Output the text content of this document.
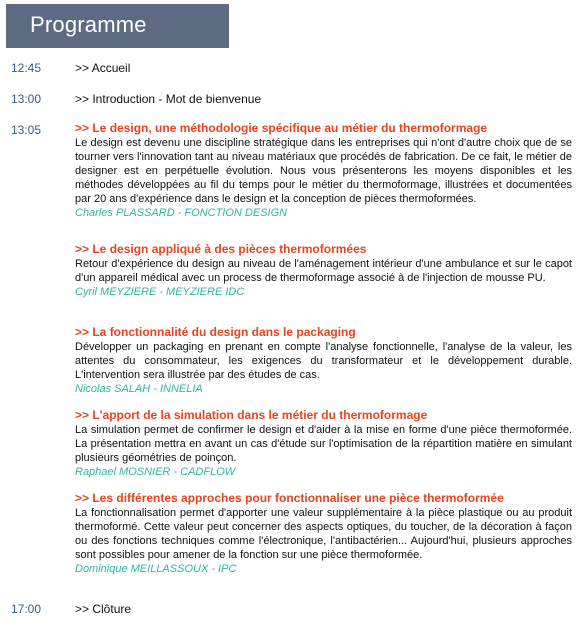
Programme
12:45	>> Accueil
13:00	>> Introduction - Mot de bienvenue
13:05	>> Le design, une méthodologie spécifique au métier du thermoformage

Le design est devenu une discipline stratégique dans les entreprises qui n'ont d'autre choix que de se tourner vers l'innovation tant au niveau matériaux que procédés de fabrication. De ce fait, le métier de designer est en perpétuelle évolution. Nous vous présenterons les moyens disponibles et les méthodes développées au fil du temps pour le métier du thermoformage, illustrées et documentées par 20 ans d'expérience dans le design et la conception de pièces thermoformées.

Charles PLASSARD - FONCTION DESIGN
>> Le design appliqué à des pièces thermoformées

Retour d'expérience du design au niveau de l'aménagement intérieur d'une ambulance et sur le capot d'un appareil médical avec un process de thermoformage associé à de l'injection de mousse PU.

Cyril MEYZIERE - MEYZIERE IDC
>> La fonctionnalité du design dans le packaging

Développer un packaging en prenant en compte l'analyse fonctionnelle, l'analyse de la valeur, les attentes du consommateur, les exigences du transformateur et le développement durable. L'intervention sera illustrée par des études de cas.

Nicolas SALAH - INNELIA
>> L'apport de la simulation dans le métier du thermoformage

La simulation permet de confirmer le design et d'aider à la mise en forme d'une pièce thermoformée. La présentation mettra en avant un cas d'étude sur l'optimisation de la répartition matière en simulant plusieurs géométries de poinçon.

Raphael MOSNIER - CADFLOW
>> Les différentes approches pour fonctionnaliser une pièce thermoformée

La fonctionnalisation permet d'apporter une valeur supplémentaire à la pièce plastique ou au produit thermoformé. Cette valeur peut concerner des aspects optiques, du toucher, de la décoration à façon ou des fonctions techniques comme l'électronique, l'antibactérien... Aujourd'hui, plusieurs approches sont possibles pour amener de la fonction sur une pièce thermoformée.

Dominique MEILLASSOUX - IPC
17:00	>> Clôture
